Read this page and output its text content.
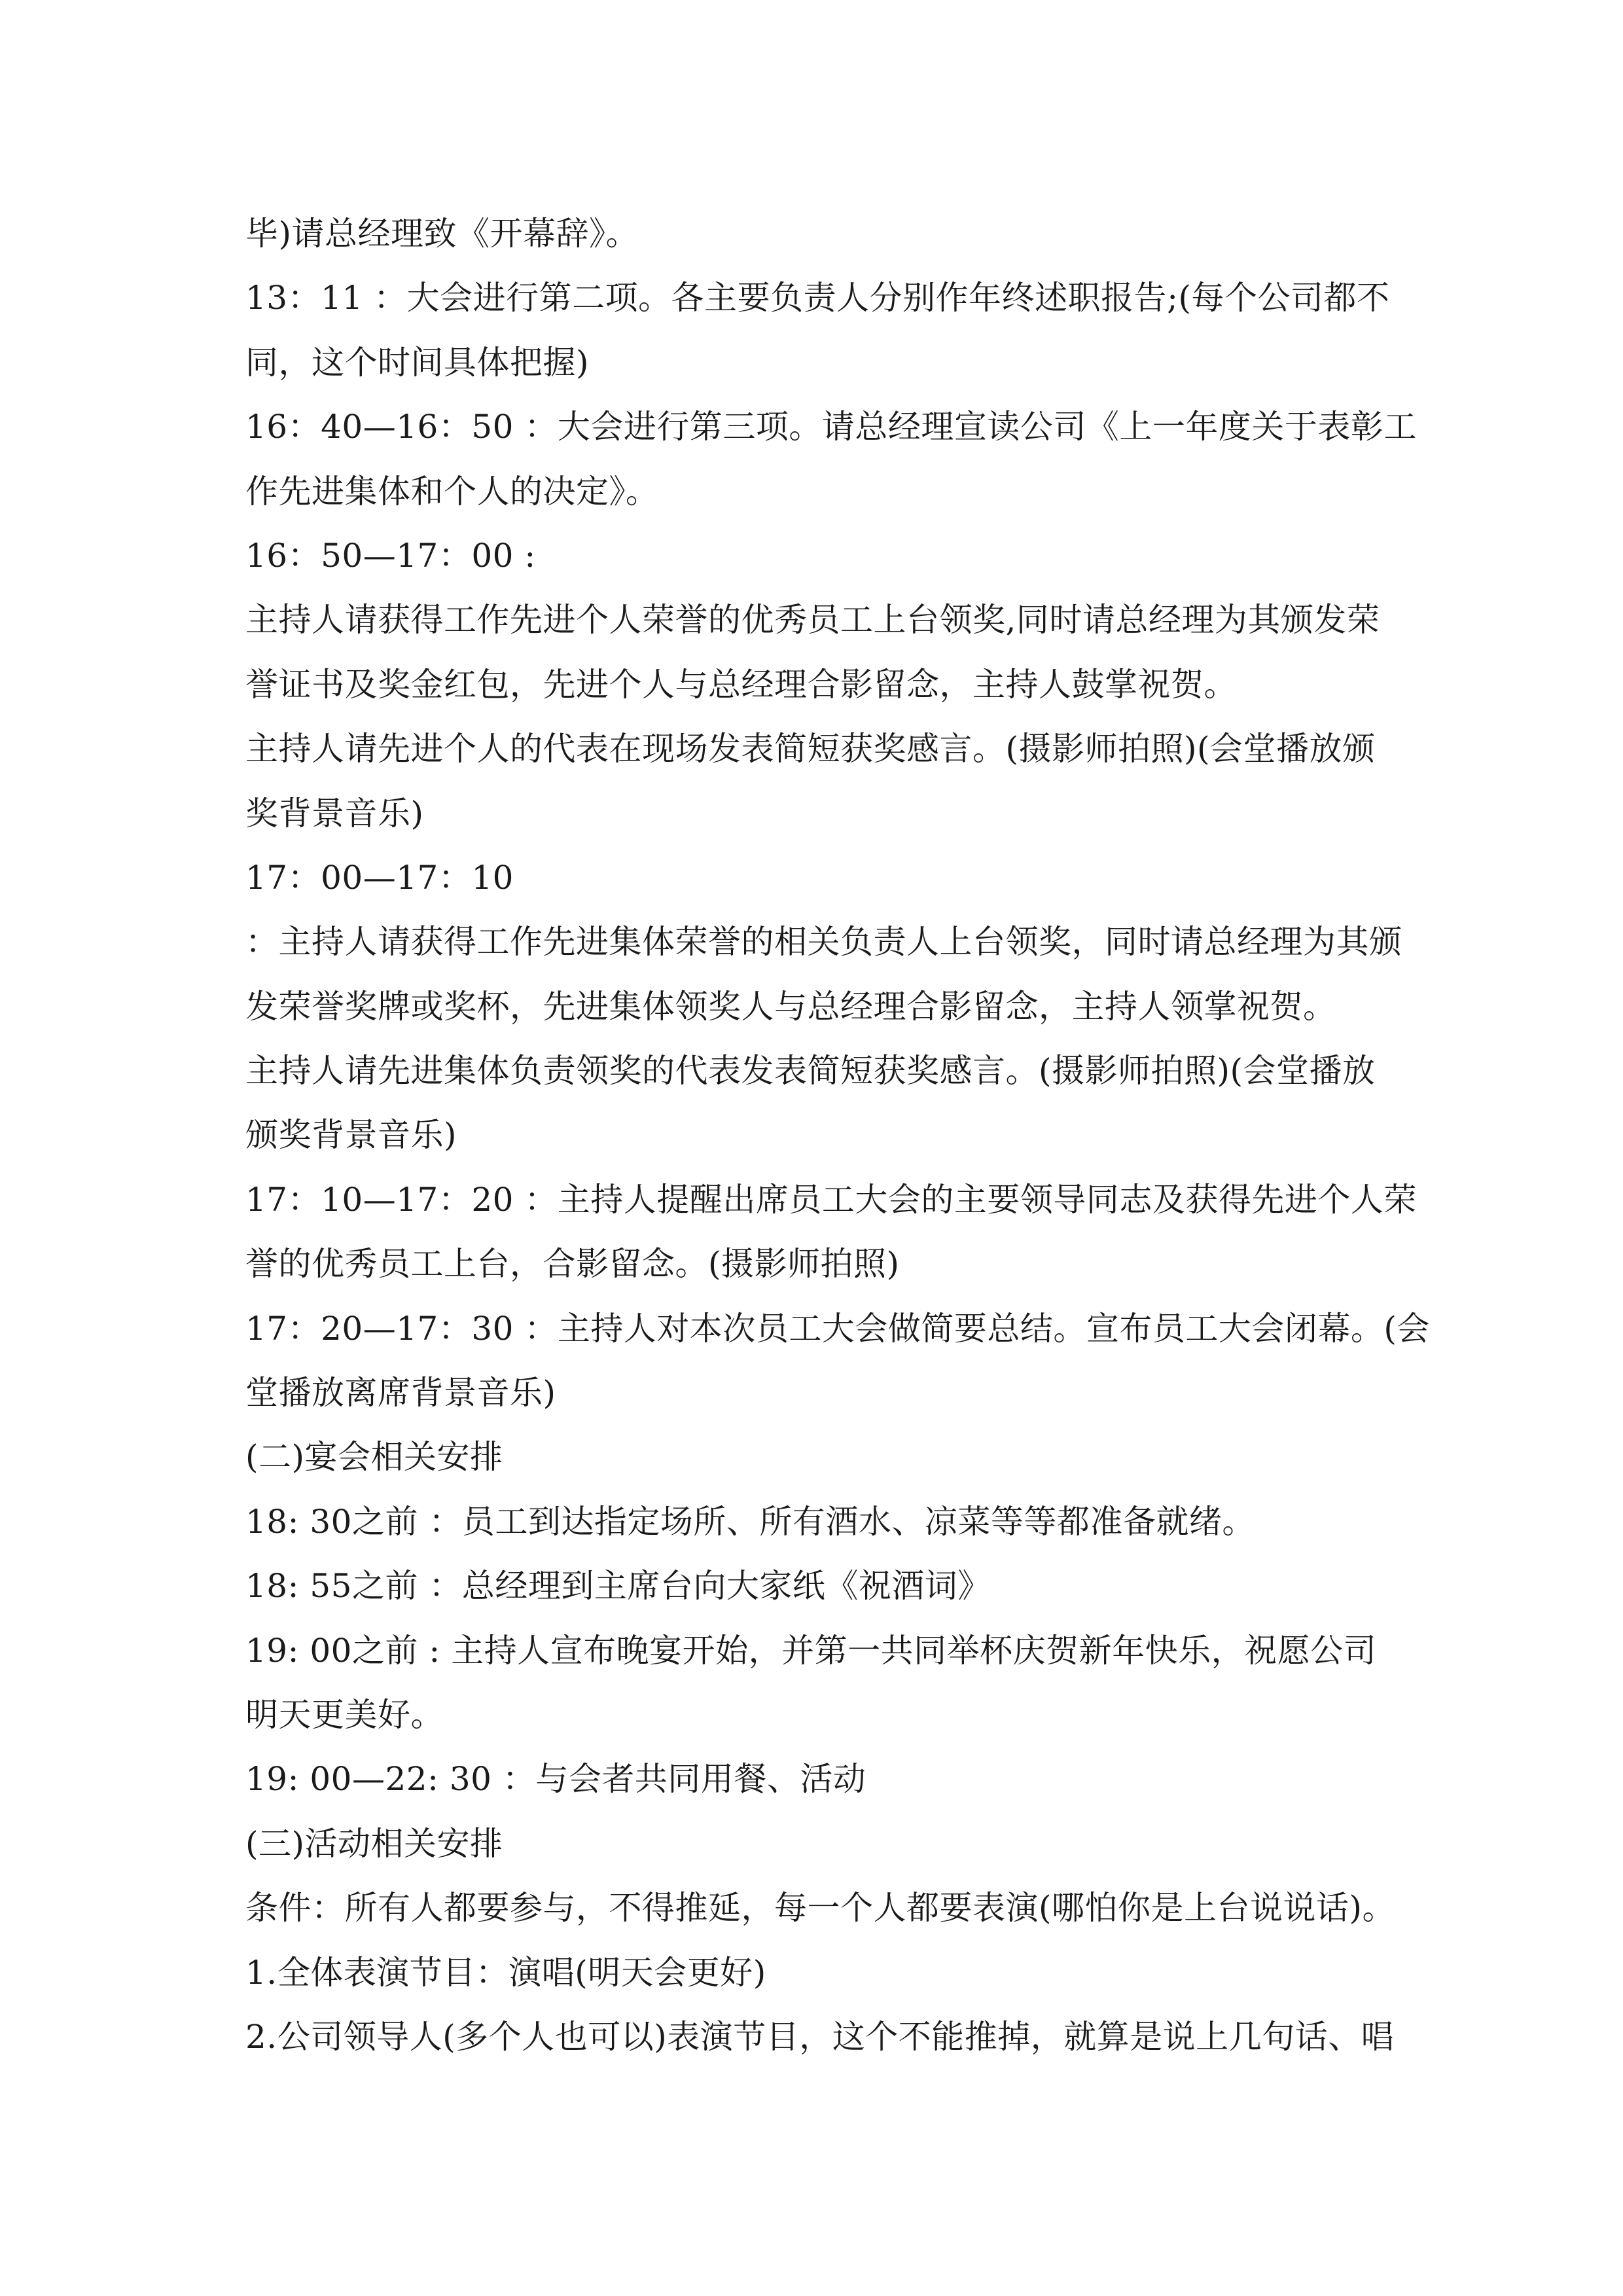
毕)请总经理致《开幕辞》。
13：11 ：大会进行第二项。各主要负责人分别作年终述职报告;(每个公司都不
同，这个时间具体把握)
16：40—16：50 ：大会进行第三项。请总经理宣读公司《上一年度关于表彰工
作先进集体和个人的决定》。
16：50—17：00 :
主持人请获得工作先进个人荣誉的优秀员工上台领奖,同时请总经理为其颁发荣
誉证书及奖金红包，先进个人与总经理合影留念，主持人鼓掌祝贺。
主持人请先进个人的代表在现场发表简短获奖感言。(摄影师拍照)(会堂播放颁
奖背景音乐)
17：00—17：10
：主持人请获得工作先进集体荣誉的相关负责人上台领奖，同时请总经理为其颁
发荣誉奖牌或奖杯，先进集体领奖人与总经理合影留念，主持人领掌祝贺。
主持人请先进集体负责领奖的代表发表简短获奖感言。(摄影师拍照)(会堂播放
颁奖背景音乐)
17：10—17：20 ：主持人提醒出席员工大会的主要领导同志及获得先进个人荣
誉的优秀员工上台，合影留念。(摄影师拍照)
17：20—17：30 ：主持人对本次员工大会做简要总结。宣布员工大会闭幕。(会
堂播放离席背景音乐)
(二)宴会相关安排
18: 30之前 ：员工到达指定场所、所有酒水、凉菜等等都准备就绪。
18: 55之前 ：总经理到主席台向大家纸《祝酒词》
19: 00之前 : 主持人宣布晚宴开始，并第一共同举杯庆贺新年快乐，祝愿公司
明天更美好。
19: 00—22: 30 ：与会者共同用餐、活动
(三)活动相关安排
条件：所有人都要参与，不得推延，每一个人都要表演(哪怕你是上台说说话)。
1.全体表演节目：演唱(明天会更好)
2.公司领导人(多个人也可以)表演节目，这个不能推掉，就算是说上几句话、唱
